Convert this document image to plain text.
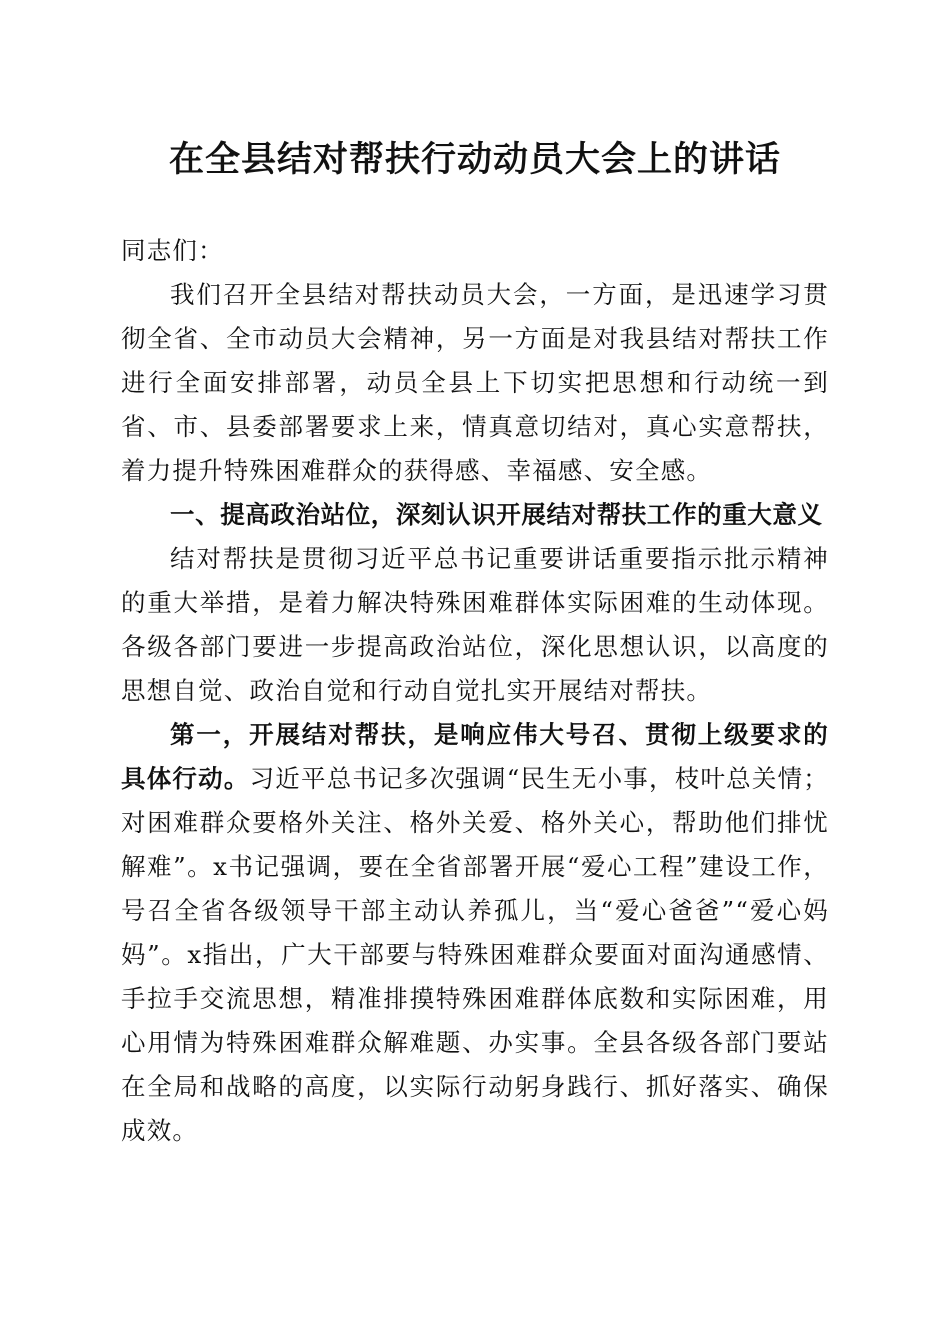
在全县结对帮扶行动动员大会上的讲话

同志们：

我们召开全县结对帮扶动员大会，一方面，是迅速学习贯彻全省、全市动员大会精神，另一方面是对我县结对帮扶工作进行全面安排部署，动员全县上下切实把思想和行动统一到省、市、县委部署要求上来，情真意切结对，真心实意帮扶，着力提升特殊困难群众的获得感、幸福感、安全感。

一、提高政治站位，深刻认识开展结对帮扶工作的重大意义

结对帮扶是贯彻习近平总书记重要讲话重要指示批示精神的重大举措，是着力解决特殊困难群体实际困难的生动体现。各级各部门要进一步提高政治站位，深化思想认识，以高度的思想自觉、政治自觉和行动自觉扎实开展结对帮扶。

第一，开展结对帮扶，是响应伟大号召、贯彻上级要求的具体行动。习近平总书记多次强调“民生无小事，枝叶总关情；对困难群众要格外关注、格外关爱、格外关心，帮助他们排忧解难”。x书记强调，要在全省部署开展“爱心工程”建设工作，号召全省各级领导干部主动认养孤儿，当“爱心爸爸”“爱心妈妈”。x指出，广大干部要与特殊困难群众要面对面沟通感情、手拉手交流思想，精准排摸特殊困难群体底数和实际困难，用心用情为特殊困难群众解难题、办实事。全县各级各部门要站在全局和战略的高度，以实际行动躬身践行、抓好落实、确保成效。
